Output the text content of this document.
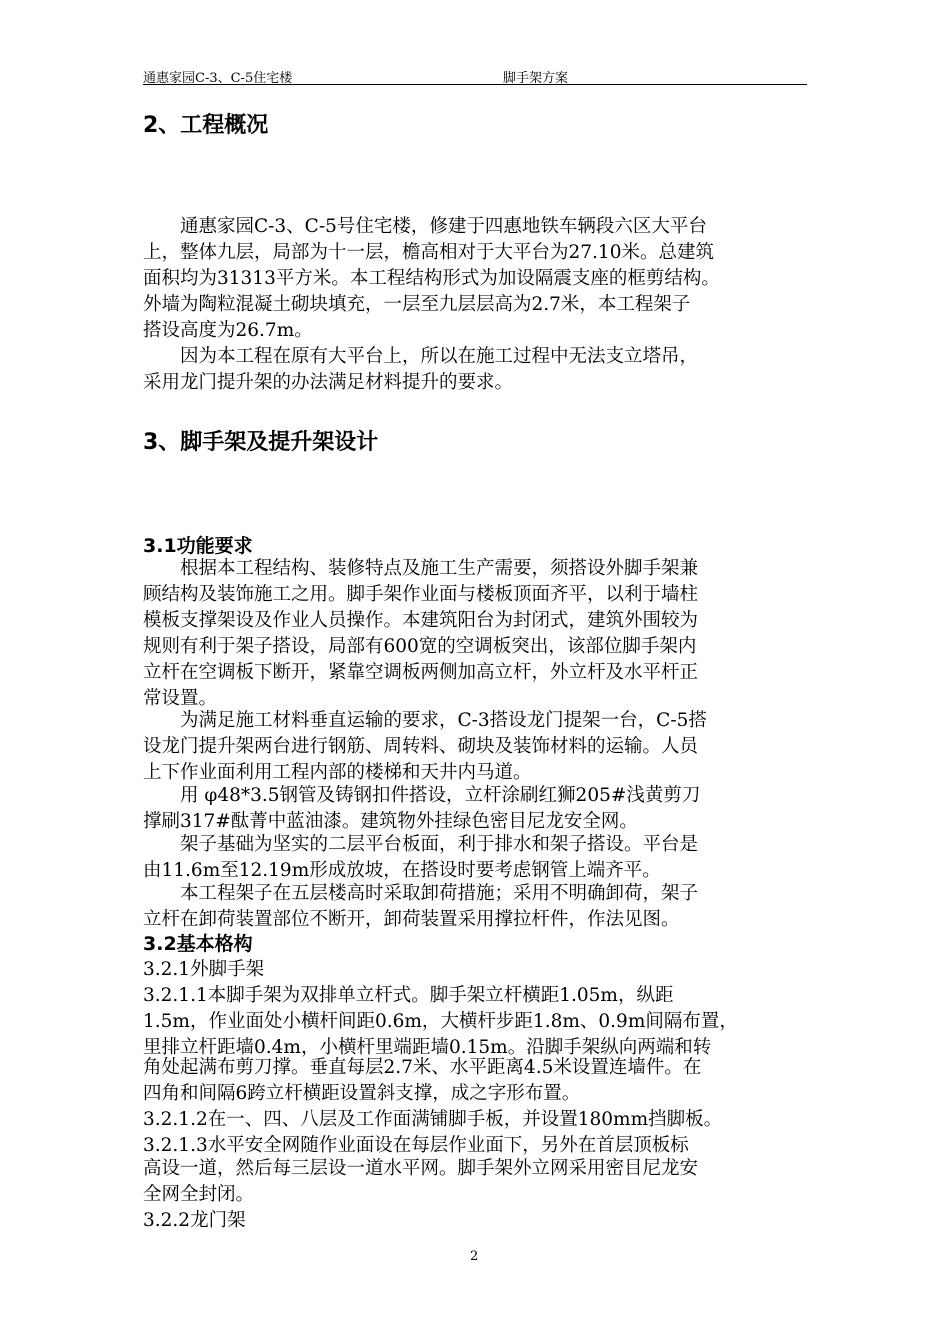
通惠家园C-3、C-5住宅楼	脚手架方案
2、工程概况
　　通惠家园C-3、C-5号住宅楼，修建于四惠地铁车辆段六区大平台
上，整体九层，局部为十一层，檐高相对于大平台为27.10米。总建筑
面积均为31313平方米。本工程结构形式为加设隔震支座的框剪结构。
外墙为陶粒混凝土砌块填充，一层至九层层高为2.7米，本工程架子
搭设高度为26.7m。
　　因为本工程在原有大平台上，所以在施工过程中无法支立塔吊，
采用龙门提升架的办法满足材料提升的要求。
3、脚手架及提升架设计
3.1功能要求
　　根据本工程结构、装修特点及施工生产需要，须搭设外脚手架兼
顾结构及装饰施工之用。脚手架作业面与楼板顶面齐平，以利于墙柱
模板支撑架设及作业人员操作。本建筑阳台为封闭式，建筑外围较为
规则有利于架子搭设，局部有600宽的空调板突出，该部位脚手架内
立杆在空调板下断开，紧靠空调板两侧加高立杆，外立杆及水平杆正
常设置。
　　为满足施工材料垂直运输的要求，C-3搭设龙门提架一台，C-5搭
设龙门提升架两台进行钢筋、周转料、砌块及装饰材料的运输。人员
上下作业面利用工程内部的楼梯和天井内马道。
　　用 φ48*3.5钢管及铸钢扣件搭设，立杆涂刷红狮205#浅黄剪刀
撑刷317#酞菁中蓝油漆。建筑物外挂绿色密目尼龙安全网。
　　架子基础为坚实的二层平台板面，利于排水和架子搭设。平台是
由11.6m至12.19m形成放坡，在搭设时要考虑钢管上端齐平。
　　本工程架子在五层楼高时采取卸荷措施；采用不明确卸荷，架子
立杆在卸荷装置部位不断开，卸荷装置采用撑拉杆件，作法见图。
3.2基本格构
3.2.1外脚手架
3.2.1.1本脚手架为双排单立杆式。脚手架立杆横距1.05m，纵距
1.5m，作业面处小横杆间距0.6m，大横杆步距1.8m、0.9m间隔布置，
里排立杆距墙0.4m，小横杆里端距墙0.15m。沿脚手架纵向两端和转
角处起满布剪刀撑。垂直每层2.7米、水平距离4.5米设置连墙件。在
四角和间隔6跨立杆横距设置斜支撑，成之字形布置。
3.2.1.2在一、四、八层及工作面满铺脚手板，并设置180mm挡脚板。
3.2.1.3水平安全网随作业面设在每层作业面下，另外在首层顶板标
高设一道，然后每三层设一道水平网。脚手架外立网采用密目尼龙安
全网全封闭。
3.2.2龙门架
2
